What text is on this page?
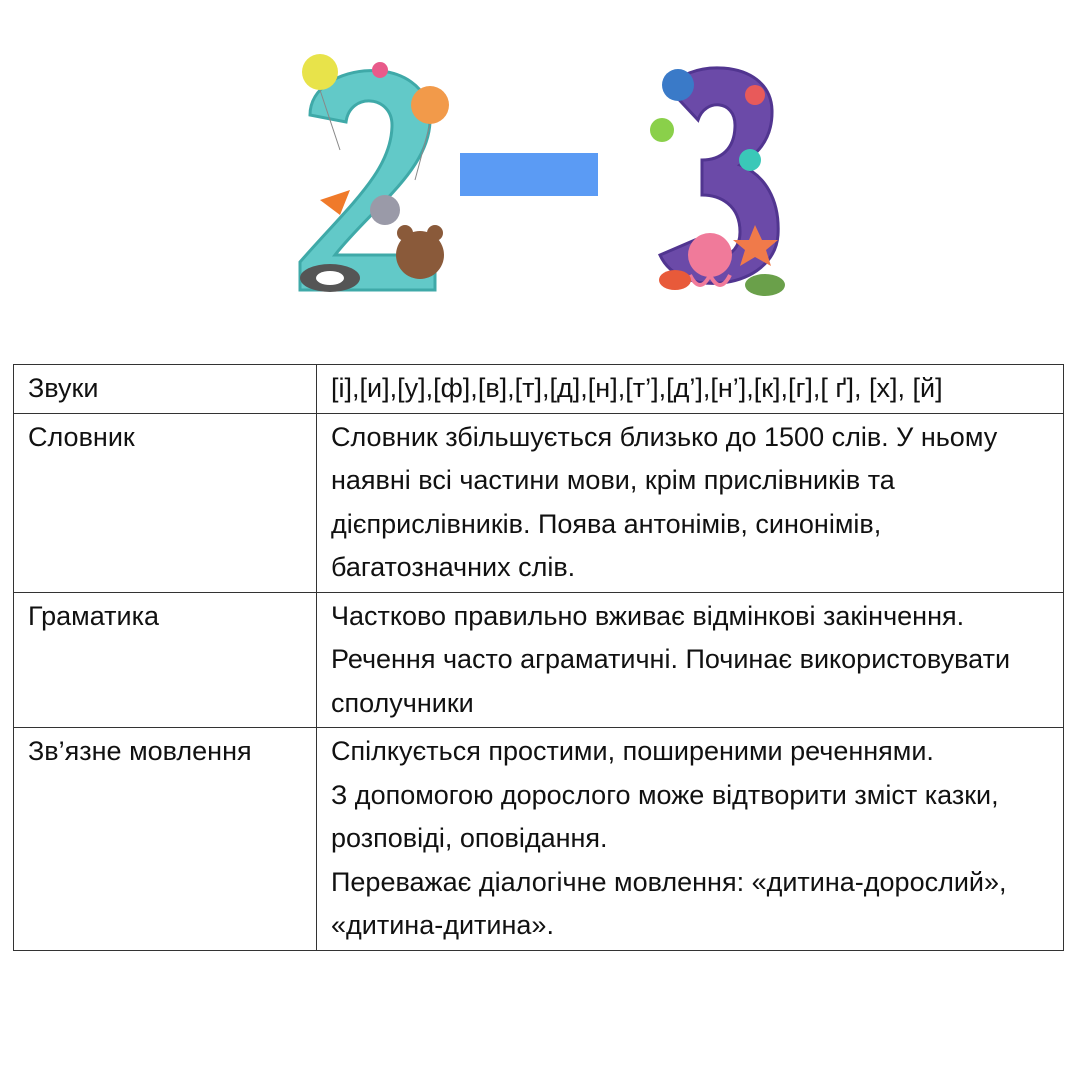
Звуки	[і],[и],[у],[ф],[в],[т],[д],[н],[т’],[д’],[н’],[к],[г],[ ґ], [х], [й]
Словник	Словник збільшується близько до 1500 слів. У ньому наявні всі частини мови, крім прислівників та дієприслівників. Поява антонімів, синонімів, багатозначних слів.
Граматика	Частково правильно вживає відмінкові закінчення. Речення часто аграматичні. Починає використовувати сполучники
Зв’язне мовлення	Спілкується простими, поширеними реченнями.
З допомогою дорослого може відтворити зміст казки, розповіді, оповідання.
Переважає діалогічне мовлення: «дитина-дорослий», «дитина-дитина».
